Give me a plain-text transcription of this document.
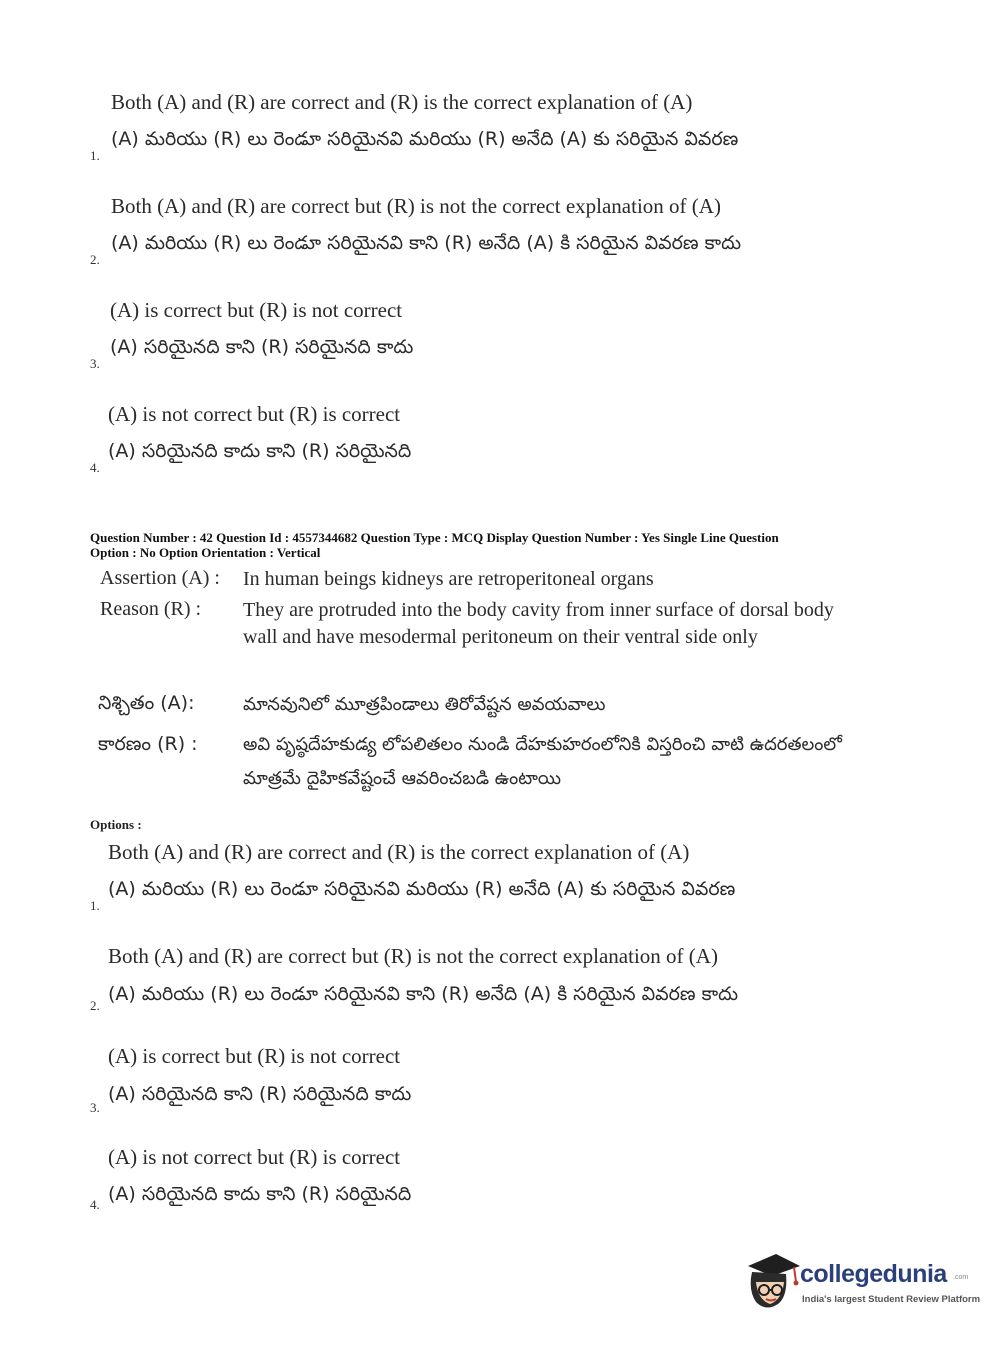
Both (A) and (R) are correct and (R) is the correct explanation of (A)
(A) మరియు (R) లు రెండూ సరియైనవి మరియు (R) అనేది (A) కు సరియైన వివరణ
1.
Both (A) and (R) are correct but (R) is not the correct explanation of (A)
(A) మరియు (R) లు రెండూ సరియైనవి కాని (R) అనేది (A) కి సరియైన వివరణ కాదు
2.
(A) is correct but (R) is not correct
(A) సరియైనది కాని (R) సరియైనది కాదు
3.
(A) is not correct but (R) is correct
(A) సరియైనది కాదు కాని (R) సరియైనది
4.
Question Number : 42 Question Id : 4557344682 Question Type : MCQ Display Question Number : Yes Single Line Question
Option : No Option Orientation : Vertical
Assertion (A) : In human beings kidneys are retroperitoneal organs
Reason (R) : They are protruded into the body cavity from inner surface of dorsal body wall and have mesodermal peritoneum on their ventral side only
నిశ్చితం (A):	మానవునిలో మూత్రపిండాలు తిరోవేష్టన అవయవాలు
కారణం (R) :	అవి పృష్ఠదేహకుడ్య లోపలితలం నుండి దేహకుహరంలోనికి విస్తరించి వాటి ఉదరతలంలో మాత్రమే దైహికవేష్టంచే ఆవరించబడి ఉంటాయి
Options :
Both (A) and (R) are correct and (R) is the correct explanation of (A)
(A) మరియు (R) లు రెండూ సరియైనవి మరియు (R) అనేది (A) కు సరియైన వివరణ
1.
Both (A) and (R) are correct but (R) is not the correct explanation of (A)
(A) మరియు (R) లు రెండూ సరియైనవి కాని (R) అనేది (A) కి సరియైన వివరణ కాదు
2.
(A) is correct but (R) is not correct
(A) సరియైనది కాని (R) సరియైనది కాదు
3.
(A) is not correct but (R) is correct
(A) సరియైనది కాదు కాని (R) సరియైనది
4.
collegedunia .com
India's largest Student Review Platform
